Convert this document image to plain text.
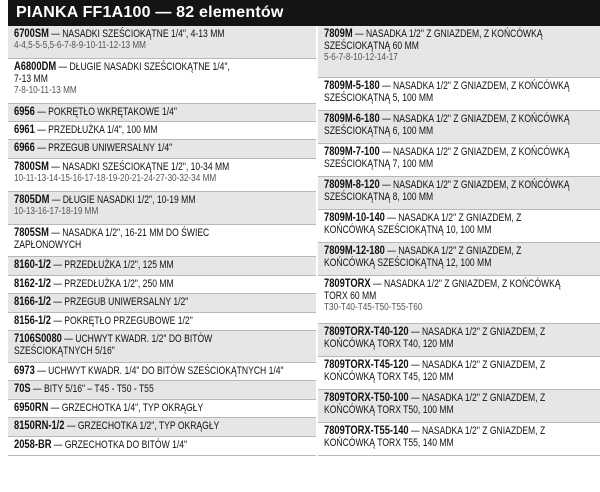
PIANKA FF1A100 — 82 elementów
6700SM — NASADKI SZEŚCIOKĄTNE 1/4", 4-13 MM
4-4,5-5-5,5-6-7-8-9-10-11-12-13 MM
A6800DM — DŁUGIE NASADKI SZEŚCIOKĄTNE 1/4",
7-13 MM
7-8-10-11-13 MM
6956 — POKRĘTŁO WKRĘTAKOWE 1/4"
6961 — PRZEDŁUŻKA 1/4", 100 MM
6966 — PRZEGUB UNIWERSALNY 1/4"
7800SM — NASADKI SZEŚCIOKĄTNE 1/2", 10-34 MM
10-11-13-14-15-16-17-18-19-20-21-24-27-30-32-34 MM
7805DM — DŁUGIE NASADKI 1/2", 10-19 MM
10-13-16-17-18-19 MM
7805SM — NASADKA 1/2", 16-21 MM DO ŚWIEC
ZAPŁONOWYCH
8160-1/2 — PRZEDŁUŻKA 1/2", 125 MM
8162-1/2 — PRZEDŁUŻKA 1/2", 250 MM
8166-1/2 — PRZEGUB UNIWERSALNY 1/2"
8156-1/2 — POKRĘTŁO PRZEGUBOWE 1/2"
7106S0080 — UCHWYT KWADR. 1/2" DO BITÓW
SZEŚCIOKĄTNYCH 5/16"
6973 — UCHWYT KWADR. 1/4" DO BITÓW SZEŚCIOKĄTNYCH 1/4"
70S — BITY 5/16" – T45 - T50 - T55
6950RN — GRZECHOTKA 1/4", TYP OKRĄGŁY
8150RN-1/2 — GRZECHOTKA 1/2", TYP OKRĄGŁY
2058-BR — GRZECHOTKA DO BITÓW 1/4"
7809M — NASADKA 1/2" Z GNIAZDEM, Z KOŃCÓWKĄ
SZEŚCIOKĄTNĄ 60 MM
5-6-7-8-10-12-14-17
7809M-5-180 — NASADKA 1/2" Z GNIAZDEM, Z KOŃCÓWKĄ
SZEŚCIOKĄTNĄ 5, 100 MM
7809M-6-180 — NASADKA 1/2" Z GNIAZDEM, Z KOŃCÓWKĄ
SZEŚCIOKĄTNĄ 6, 100 MM
7809M-7-100 — NASADKA 1/2" Z GNIAZDEM, Z KOŃCÓWKĄ
SZEŚCIOKĄTNĄ 7, 100 MM
7809M-8-120 — NASADKA 1/2" Z GNIAZDEM, Z KOŃCÓWKĄ
SZEŚCIOKĄTNĄ 8, 100 MM
7809M-10-140 — NASADKA 1/2" Z GNIAZDEM, Z
KOŃCÓWKĄ SZEŚCIOKĄTNĄ 10, 100 MM
7809M-12-180 — NASADKA 1/2" Z GNIAZDEM, Z
KOŃCÓWKĄ SZEŚCIOKĄTNĄ 12, 100 MM
7809TORX — NASADKA 1/2" Z GNIAZDEM, Z KOŃCÓWKĄ
TORX 60 MM
T30-T40-T45-T50-T55-T60
7809TORX-T40-120 — NASADKA 1/2" Z GNIAZDEM, Z
KOŃCÓWKĄ TORX T40, 120 MM
7809TORX-T45-120 — NASADKA 1/2" Z GNIAZDEM, Z
KOŃCÓWKĄ TORX T45, 120 MM
7809TORX-T50-100 — NASADKA 1/2" Z GNIAZDEM, Z
KOŃCÓWKĄ TORX T50, 100 MM
7809TORX-T55-140 — NASADKA 1/2" Z GNIAZDEM, Z
KOŃCÓWKĄ TORX T55, 140 MM
